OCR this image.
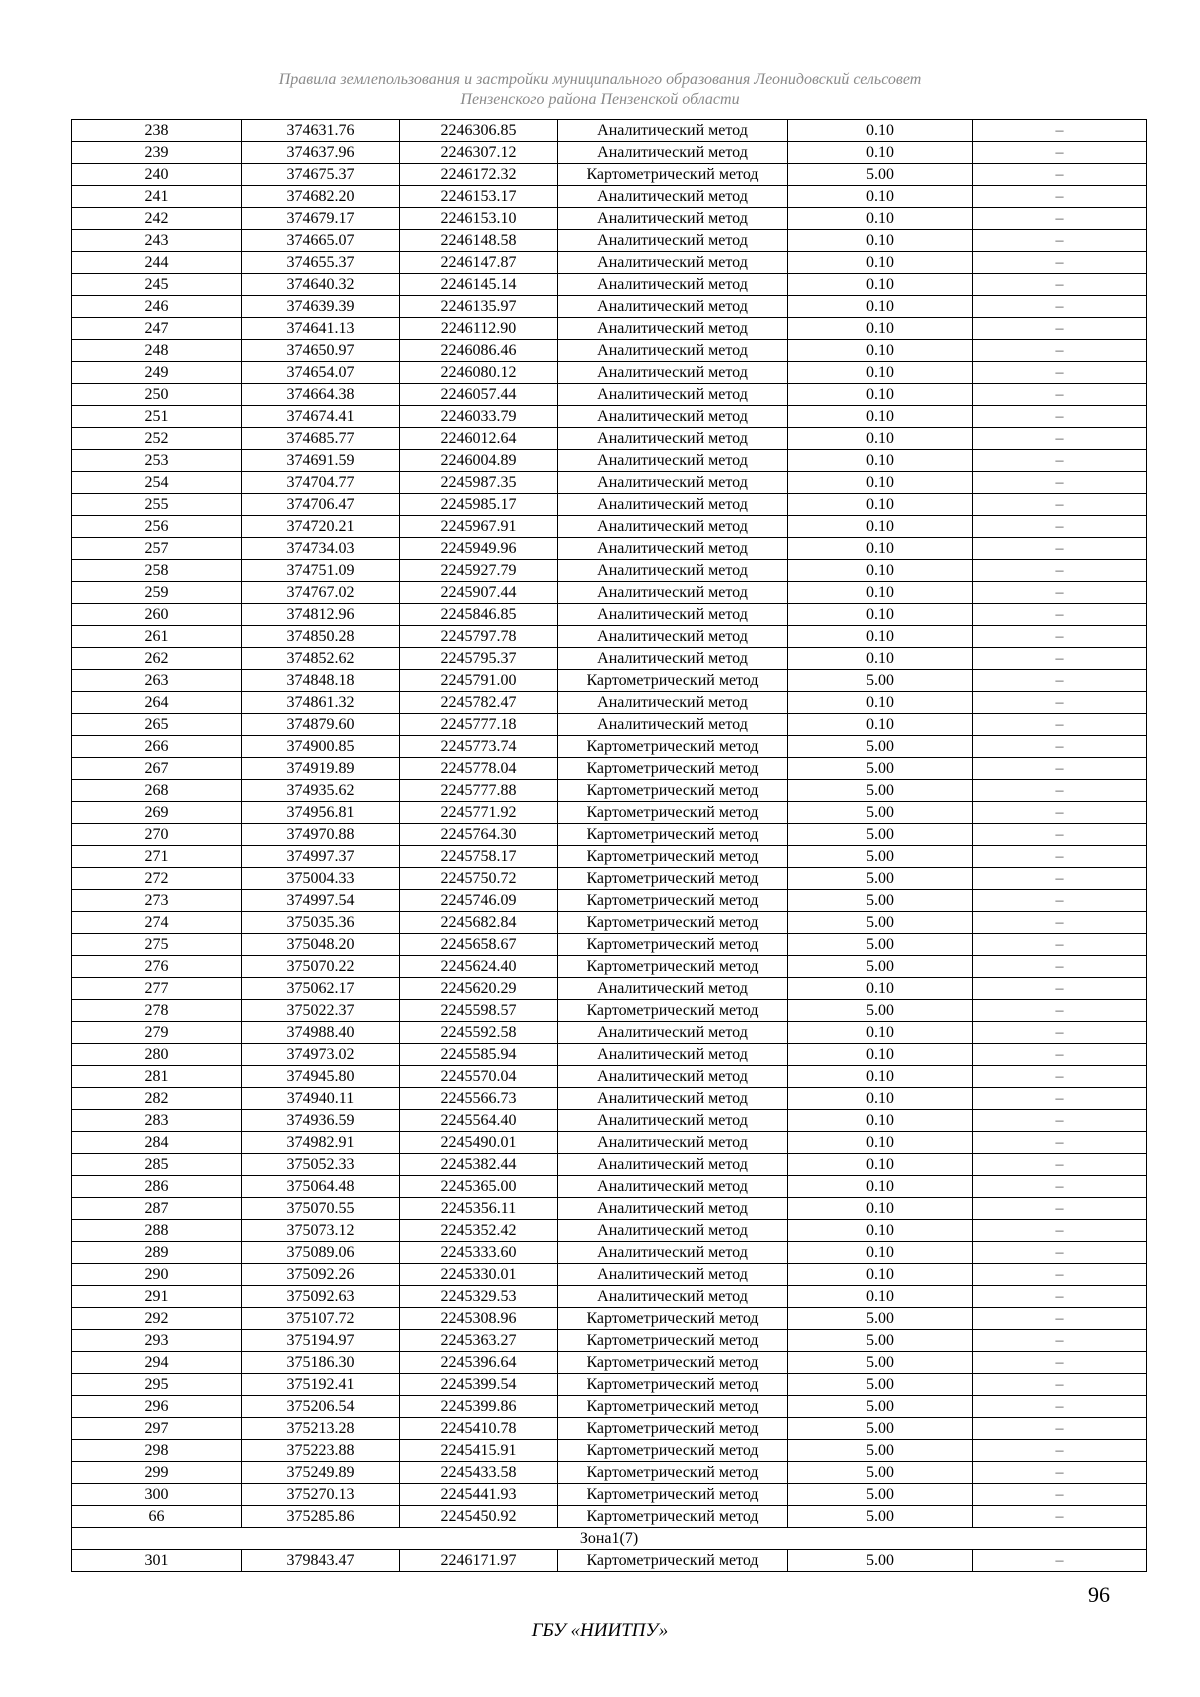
Правила землепользования и застройки муниципального образования Леонидовский сельсовет
Пензенского района Пензенской области
238	374631.76	2246306.85	Аналитический метод	0.10	–
239	374637.96	2246307.12	Аналитический метод	0.10	–
240	374675.37	2246172.32	Картометрический метод	5.00	–
241	374682.20	2246153.17	Аналитический метод	0.10	–
242	374679.17	2246153.10	Аналитический метод	0.10	–
243	374665.07	2246148.58	Аналитический метод	0.10	–
244	374655.37	2246147.87	Аналитический метод	0.10	–
245	374640.32	2246145.14	Аналитический метод	0.10	–
246	374639.39	2246135.97	Аналитический метод	0.10	–
247	374641.13	2246112.90	Аналитический метод	0.10	–
248	374650.97	2246086.46	Аналитический метод	0.10	–
249	374654.07	2246080.12	Аналитический метод	0.10	–
250	374664.38	2246057.44	Аналитический метод	0.10	–
251	374674.41	2246033.79	Аналитический метод	0.10	–
252	374685.77	2246012.64	Аналитический метод	0.10	–
253	374691.59	2246004.89	Аналитический метод	0.10	–
254	374704.77	2245987.35	Аналитический метод	0.10	–
255	374706.47	2245985.17	Аналитический метод	0.10	–
256	374720.21	2245967.91	Аналитический метод	0.10	–
257	374734.03	2245949.96	Аналитический метод	0.10	–
258	374751.09	2245927.79	Аналитический метод	0.10	–
259	374767.02	2245907.44	Аналитический метод	0.10	–
260	374812.96	2245846.85	Аналитический метод	0.10	–
261	374850.28	2245797.78	Аналитический метод	0.10	–
262	374852.62	2245795.37	Аналитический метод	0.10	–
263	374848.18	2245791.00	Картометрический метод	5.00	–
264	374861.32	2245782.47	Аналитический метод	0.10	–
265	374879.60	2245777.18	Аналитический метод	0.10	–
266	374900.85	2245773.74	Картометрический метод	5.00	–
267	374919.89	2245778.04	Картометрический метод	5.00	–
268	374935.62	2245777.88	Картометрический метод	5.00	–
269	374956.81	2245771.92	Картометрический метод	5.00	–
270	374970.88	2245764.30	Картометрический метод	5.00	–
271	374997.37	2245758.17	Картометрический метод	5.00	–
272	375004.33	2245750.72	Картометрический метод	5.00	–
273	374997.54	2245746.09	Картометрический метод	5.00	–
274	375035.36	2245682.84	Картометрический метод	5.00	–
275	375048.20	2245658.67	Картометрический метод	5.00	–
276	375070.22	2245624.40	Картометрический метод	5.00	–
277	375062.17	2245620.29	Аналитический метод	0.10	–
278	375022.37	2245598.57	Картометрический метод	5.00	–
279	374988.40	2245592.58	Аналитический метод	0.10	–
280	374973.02	2245585.94	Аналитический метод	0.10	–
281	374945.80	2245570.04	Аналитический метод	0.10	–
282	374940.11	2245566.73	Аналитический метод	0.10	–
283	374936.59	2245564.40	Аналитический метод	0.10	–
284	374982.91	2245490.01	Аналитический метод	0.10	–
285	375052.33	2245382.44	Аналитический метод	0.10	–
286	375064.48	2245365.00	Аналитический метод	0.10	–
287	375070.55	2245356.11	Аналитический метод	0.10	–
288	375073.12	2245352.42	Аналитический метод	0.10	–
289	375089.06	2245333.60	Аналитический метод	0.10	–
290	375092.26	2245330.01	Аналитический метод	0.10	–
291	375092.63	2245329.53	Аналитический метод	0.10	–
292	375107.72	2245308.96	Картометрический метод	5.00	–
293	375194.97	2245363.27	Картометрический метод	5.00	–
294	375186.30	2245396.64	Картометрический метод	5.00	–
295	375192.41	2245399.54	Картометрический метод	5.00	–
296	375206.54	2245399.86	Картометрический метод	5.00	–
297	375213.28	2245410.78	Картометрический метод	5.00	–
298	375223.88	2245415.91	Картометрический метод	5.00	–
299	375249.89	2245433.58	Картометрический метод	5.00	–
300	375270.13	2245441.93	Картометрический метод	5.00	–
66	375285.86	2245450.92	Картометрический метод	5.00	–
Зона1(7)					
301	379843.47	2246171.97	Картометрический метод	5.00	–
96
ГБУ «НИИТПУ»
